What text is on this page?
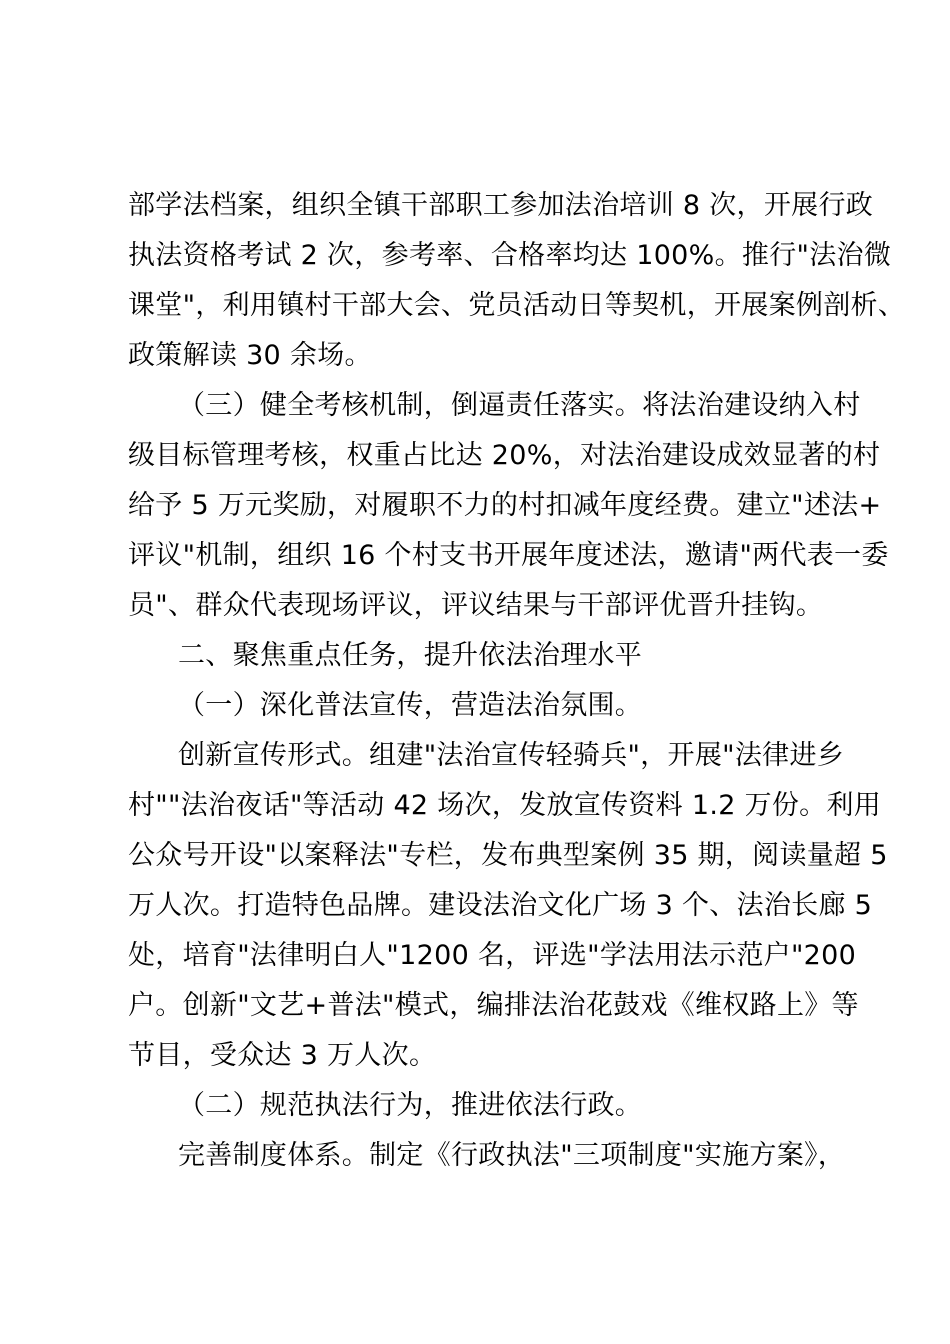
部学法档案，组织全镇干部职工参加法治培训 8 次，开展行政
执法资格考试 2 次，参考率、合格率均达 100%。推行"法治微
课堂"，利用镇村干部大会、党员活动日等契机，开展案例剖析、
政策解读 30 余场。
（三）健全考核机制，倒逼责任落实。将法治建设纳入村
级目标管理考核，权重占比达 20%，对法治建设成效显著的村
给予 5 万元奖励，对履职不力的村扣减年度经费。建立"述法+
评议"机制，组织 16 个村支书开展年度述法，邀请"两代表一委
员"、群众代表现场评议，评议结果与干部评优晋升挂钩。
二、聚焦重点任务，提升依法治理水平
（一）深化普法宣传，营造法治氛围。
创新宣传形式。组建"法治宣传轻骑兵"，开展"法律进乡
村""法治夜话"等活动 42 场次，发放宣传资料 1.2 万份。利用
公众号开设"以案释法"专栏，发布典型案例 35 期，阅读量超 5
万人次。打造特色品牌。建设法治文化广场 3 个、法治长廊 5
处，培育"法律明白人"1200 名，评选"学法用法示范户"200
户。创新"文艺+普法"模式，编排法治花鼓戏《维权路上》等
节目，受众达 3 万人次。
（二）规范执法行为，推进依法行政。
完善制度体系。制定《行政执法"三项制度"实施方案》，
